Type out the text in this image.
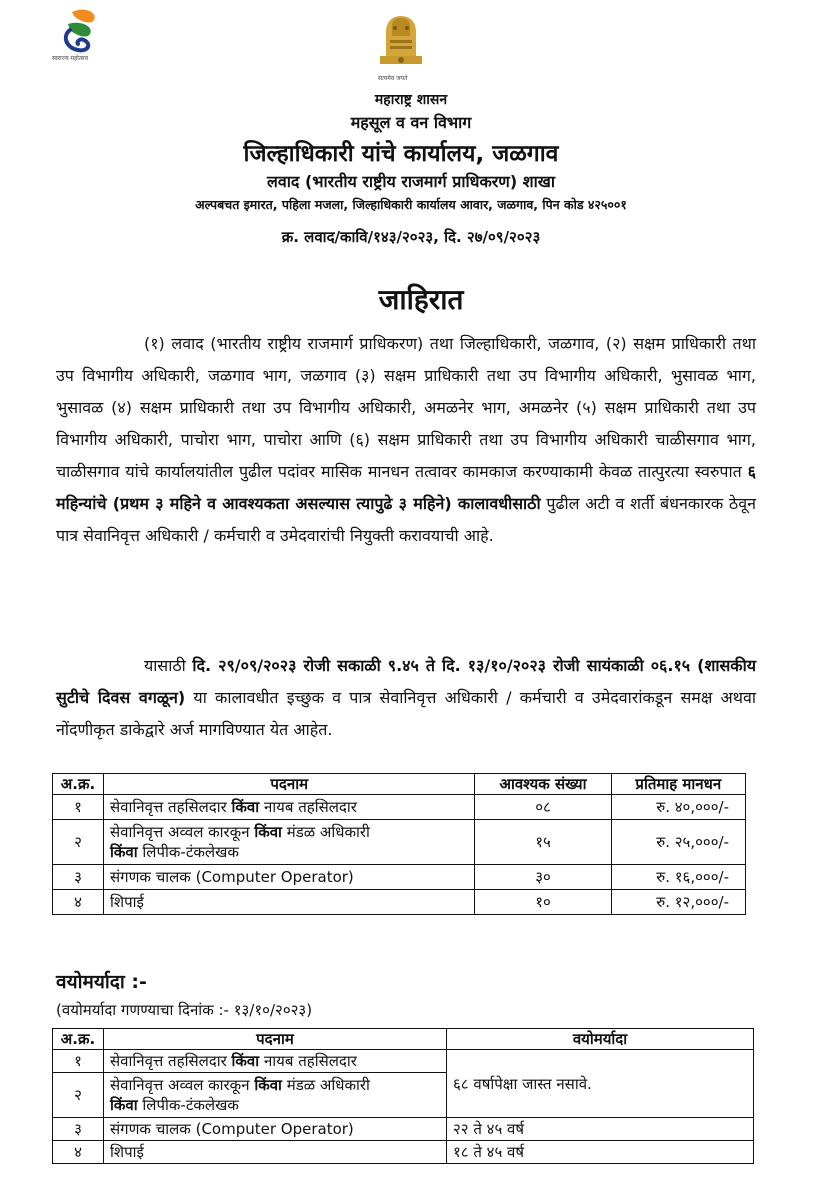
स्वराज्य महोत्सव
सत्यमेव जयते
महाराष्ट्र शासन
महसूल व वन विभाग
जिल्हाधिकारी यांचे कार्यालय, जळगाव
लवाद (भारतीय राष्ट्रीय राजमार्ग प्राधिकरण) शाखा
अल्पबचत इमारत, पहिला मजला, जिल्हाधिकारी कार्यालय आवार, जळगाव, पिन कोड ४२५००१
क्र. लवाद/कावि/१४३/२०२३, दि. २७/०९/२०२३
जाहिरात
(१) लवाद (भारतीय राष्ट्रीय राजमार्ग प्राधिकरण) तथा जिल्हाधिकारी, जळगाव, (२) सक्षम प्राधिकारी तथा उप विभागीय अधिकारी, जळगाव भाग, जळगाव (३) सक्षम प्राधिकारी तथा उप विभागीय अधिकारी, भुसावळ भाग, भुसावळ (४) सक्षम प्राधिकारी तथा उप विभागीय अधिकारी, अमळनेर भाग, अमळनेर (५) सक्षम प्राधिकारी तथा उप विभागीय अधिकारी, पाचोरा भाग, पाचोरा आणि (६) सक्षम प्राधिकारी तथा उप विभागीय अधिकारी चाळीसगाव भाग, चाळीसगाव यांचे कार्यालयांतील पुढील पदांवर मासिक मानधन तत्वावर कामकाज करण्याकामी केवळ तात्पुरत्या स्वरुपात ६ महिन्यांचे (प्रथम ३ महिने व आवश्यकता असल्यास त्यापुढे ३ महिने) कालावधीसाठी पुढील अटी व शर्ती बंधनकारक ठेवून पात्र सेवानिवृत्त अधिकारी / कर्मचारी व उमेदवारांची नियुक्ती करावयाची आहे.
यासाठी दि. २९/०९/२०२३ रोजी सकाळी ९.४५ ते दि. १३/१०/२०२३ रोजी सायंकाळी ०६.१५ (शासकीय सुटीचे दिवस वगळून) या कालावधीत इच्छुक व पात्र सेवानिवृत्त अधिकारी / कर्मचारी व उमेदवारांकडून समक्ष अथवा नोंदणीकृत डाकेद्वारे अर्ज मागविण्यात येत आहेत.
अ.क्र.	पदनाम	आवश्यक संख्या	प्रतिमाह मानधन
१	सेवानिवृत्त तहसिलदार किंवा नायब तहसिलदार	०८	रु. ४०,०००/-
२	सेवानिवृत्त अव्वल कारकून किंवा मंडळ अधिकारी
किंवा लिपीक-टंकलेखक	१५	रु. २५,०००/-
३	संगणक चालक (Computer Operator)	३०	रु. १६,०००/-
४	शिपाई	१०	रु. १२,०००/-
वयोमर्यादा :-
(वयोमर्यादा गणण्याचा दिनांक :- १३/१०/२०२३)
अ.क्र.	पदनाम	वयोमर्यादा
१	सेवानिवृत्त तहसिलदार किंवा नायब तहसिलदार	६८ वर्षापेक्षा जास्त नसावे.
२	सेवानिवृत्त अव्वल कारकून किंवा मंडळ अधिकारी
किंवा लिपीक-टंकलेखक	
३	संगणक चालक (Computer Operator)	२२ ते ४५ वर्ष
४	शिपाई	१८ ते ४५ वर्ष
